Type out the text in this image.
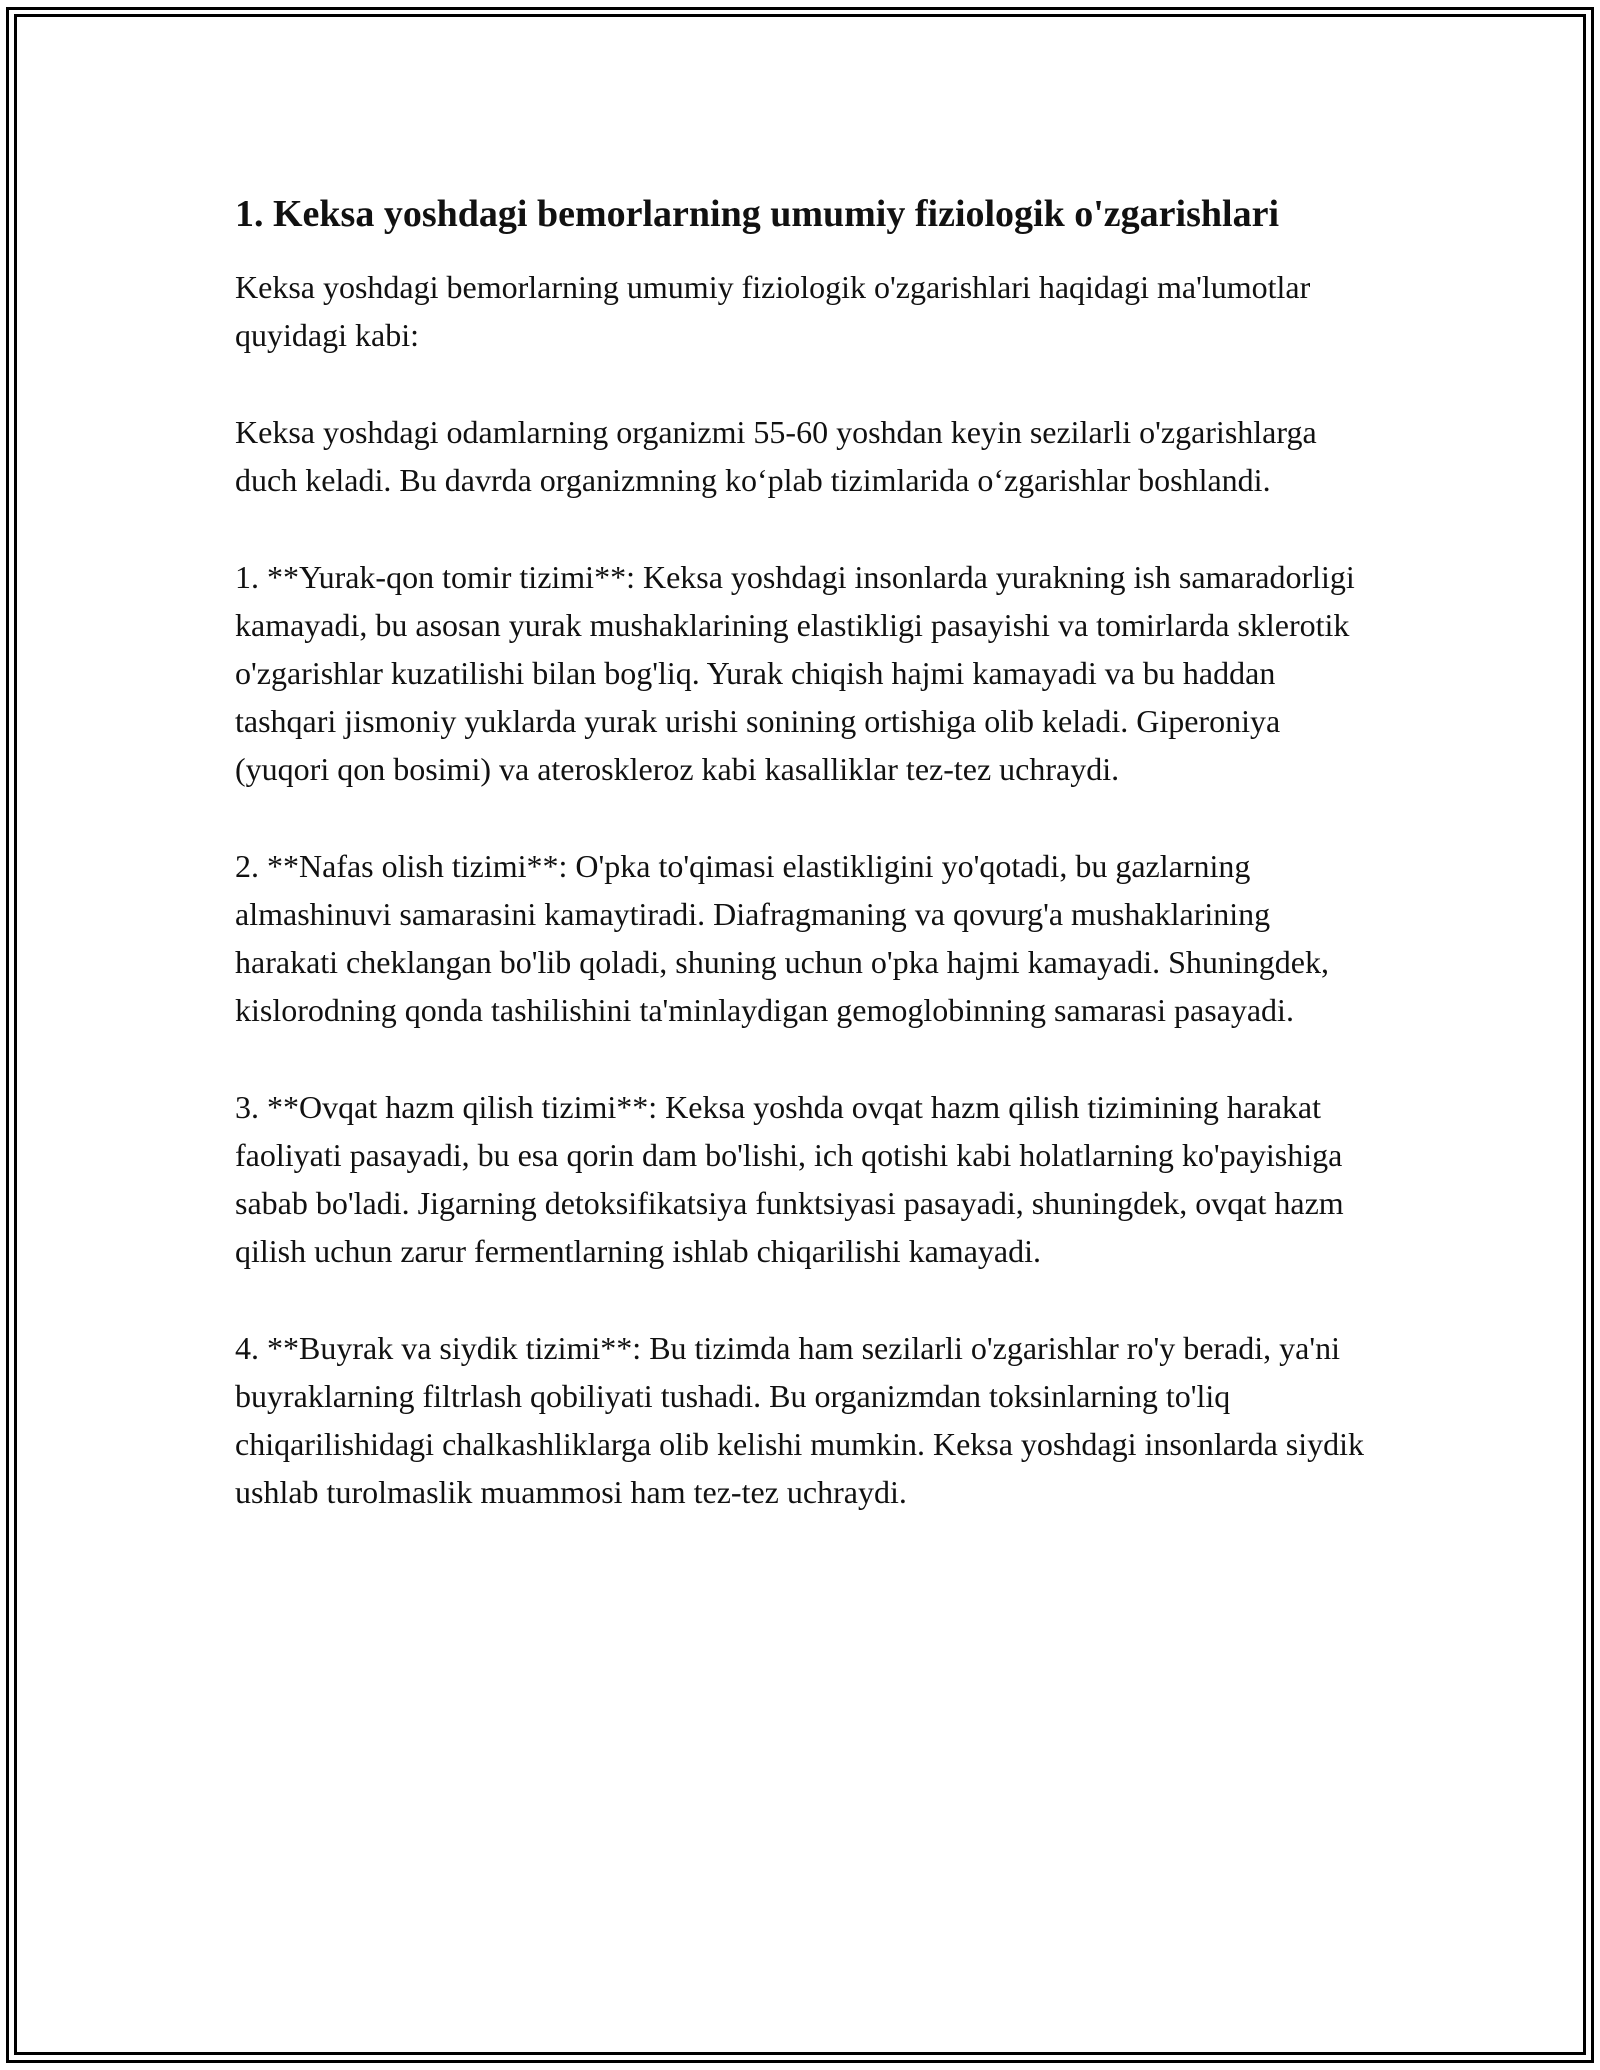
1. Keksa yoshdagi bemorlarning umumiy fiziologik o'zgarishlari

Keksa yoshdagi bemorlarning umumiy fiziologik o'zgarishlari haqidagi ma'lumotlar quyidagi kabi:

Keksa yoshdagi odamlarning organizmi 55-60 yoshdan keyin sezilarli o'zgarishlarga duch keladi. Bu davrda organizmning ko‘plab tizimlarida o‘zgarishlar boshlandi.

1. **Yurak-qon tomir tizimi**: Keksa yoshdagi insonlarda yurakning ish samaradorligi kamayadi, bu asosan yurak mushaklarining elastikligi pasayishi va tomirlarda sklerotik o'zgarishlar kuzatilishi bilan bog'liq. Yurak chiqish hajmi kamayadi va bu haddan tashqari jismoniy yuklarda yurak urishi sonining ortishiga olib keladi. Giperoniya (yuqori qon bosimi) va ateroskleroz kabi kasalliklar tez-tez uchraydi.

2. **Nafas olish tizimi**: O'pka to'qimasi elastikligini yo'qotadi, bu gazlarning almashinuvi samarasini kamaytiradi. Diafragmaning va qovurg'a mushaklarining harakati cheklangan bo'lib qoladi, shuning uchun o'pka hajmi kamayadi. Shuningdek, kislorodning qonda tashilishini ta'minlaydigan gemoglobinning samarasi pasayadi.

3. **Ovqat hazm qilish tizimi**: Keksa yoshda ovqat hazm qilish tizimining harakat faoliyati pasayadi, bu esa qorin dam bo'lishi, ich qotishi kabi holatlarning ko'payishiga sabab bo'ladi. Jigarning detoksifikatsiya funktsiyasi pasayadi, shuningdek, ovqat hazm qilish uchun zarur fermentlarning ishlab chiqarilishi kamayadi.

4. **Buyrak va siydik tizimi**: Bu tizimda ham sezilarli o'zgarishlar ro'y beradi, ya'ni buyraklarning filtrlash qobiliyati tushadi. Bu organizmdan toksinlarning to'liq chiqarilishidagi chalkashliklarga olib kelishi mumkin. Keksa yoshdagi insonlarda siydik ushlab turolmaslik muammosi ham tez-tez uchraydi.
